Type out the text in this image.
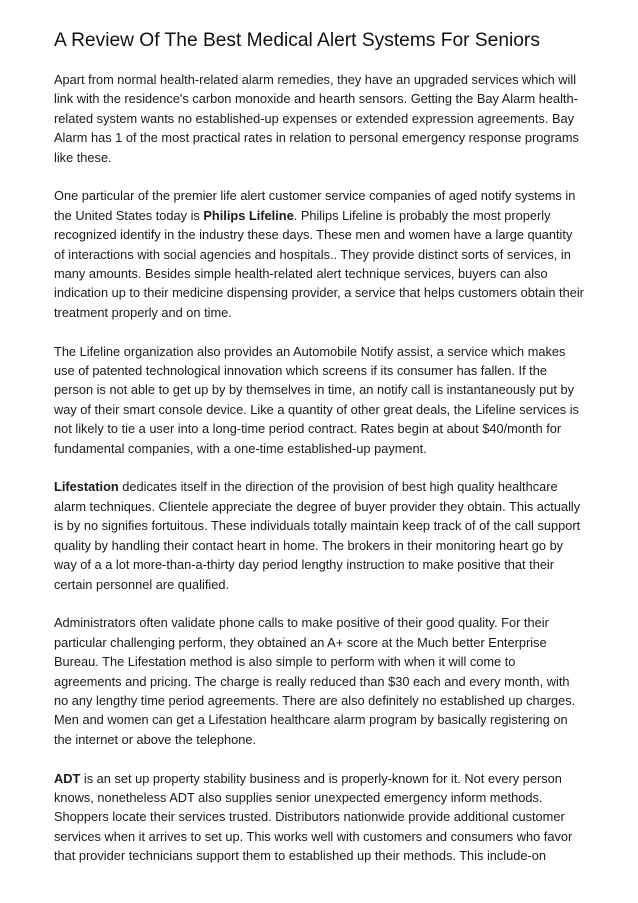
A Review Of The Best Medical Alert Systems For Seniors

Apart from normal health-related alarm remedies, they have an upgraded services which will link with the residence's carbon monoxide and hearth sensors. Getting the Bay Alarm health-related system wants no established-up expenses or extended expression agreements. Bay Alarm has 1 of the most practical rates in relation to personal emergency response programs like these.

One particular of the premier life alert customer service companies of aged notify systems in the United States today is Philips Lifeline. Philips Lifeline is probably the most properly recognized identify in the industry these days. These men and women have a large quantity of interactions with social agencies and hospitals.. They provide distinct sorts of services, in many amounts. Besides simple health-related alert technique services, buyers can also indication up to their medicine dispensing provider, a service that helps customers obtain their treatment properly and on time.

The Lifeline organization also provides an Automobile Notify assist, a service which makes use of patented technological innovation which screens if its consumer has fallen. If the person is not able to get up by by themselves in time, an notify call is instantaneously put by way of their smart console device. Like a quantity of other great deals, the Lifeline services is not likely to tie a user into a long-time period contract. Rates begin at about $40/month for fundamental companies, with a one-time established-up payment.

Lifestation dedicates itself in the direction of the provision of best high quality healthcare alarm techniques. Clientele appreciate the degree of buyer provider they obtain. This actually is by no signifies fortuitous. These individuals totally maintain keep track of of the call support quality by handling their contact heart in home. The brokers in their monitoring heart go by way of a a lot more-than-a-thirty day period lengthy instruction to make positive that their certain personnel are qualified.

Administrators often validate phone calls to make positive of their good quality. For their particular challenging perform, they obtained an A+ score at the Much better Enterprise Bureau. The Lifestation method is also simple to perform with when it will come to agreements and pricing. The charge is really reduced than $30 each and every month, with no any lengthy time period agreements. There are also definitely no established up charges. Men and women can get a Lifestation healthcare alarm program by basically registering on the internet or above the telephone.

ADT is an set up property stability business and is properly-known for it. Not every person knows, nonetheless ADT also supplies senior unexpected emergency inform methods. Shoppers locate their services trusted. Distributors nationwide provide additional customer services when it arrives to set up. This works well with customers and consumers who favor that provider technicians support them to established up their methods. This include-on
